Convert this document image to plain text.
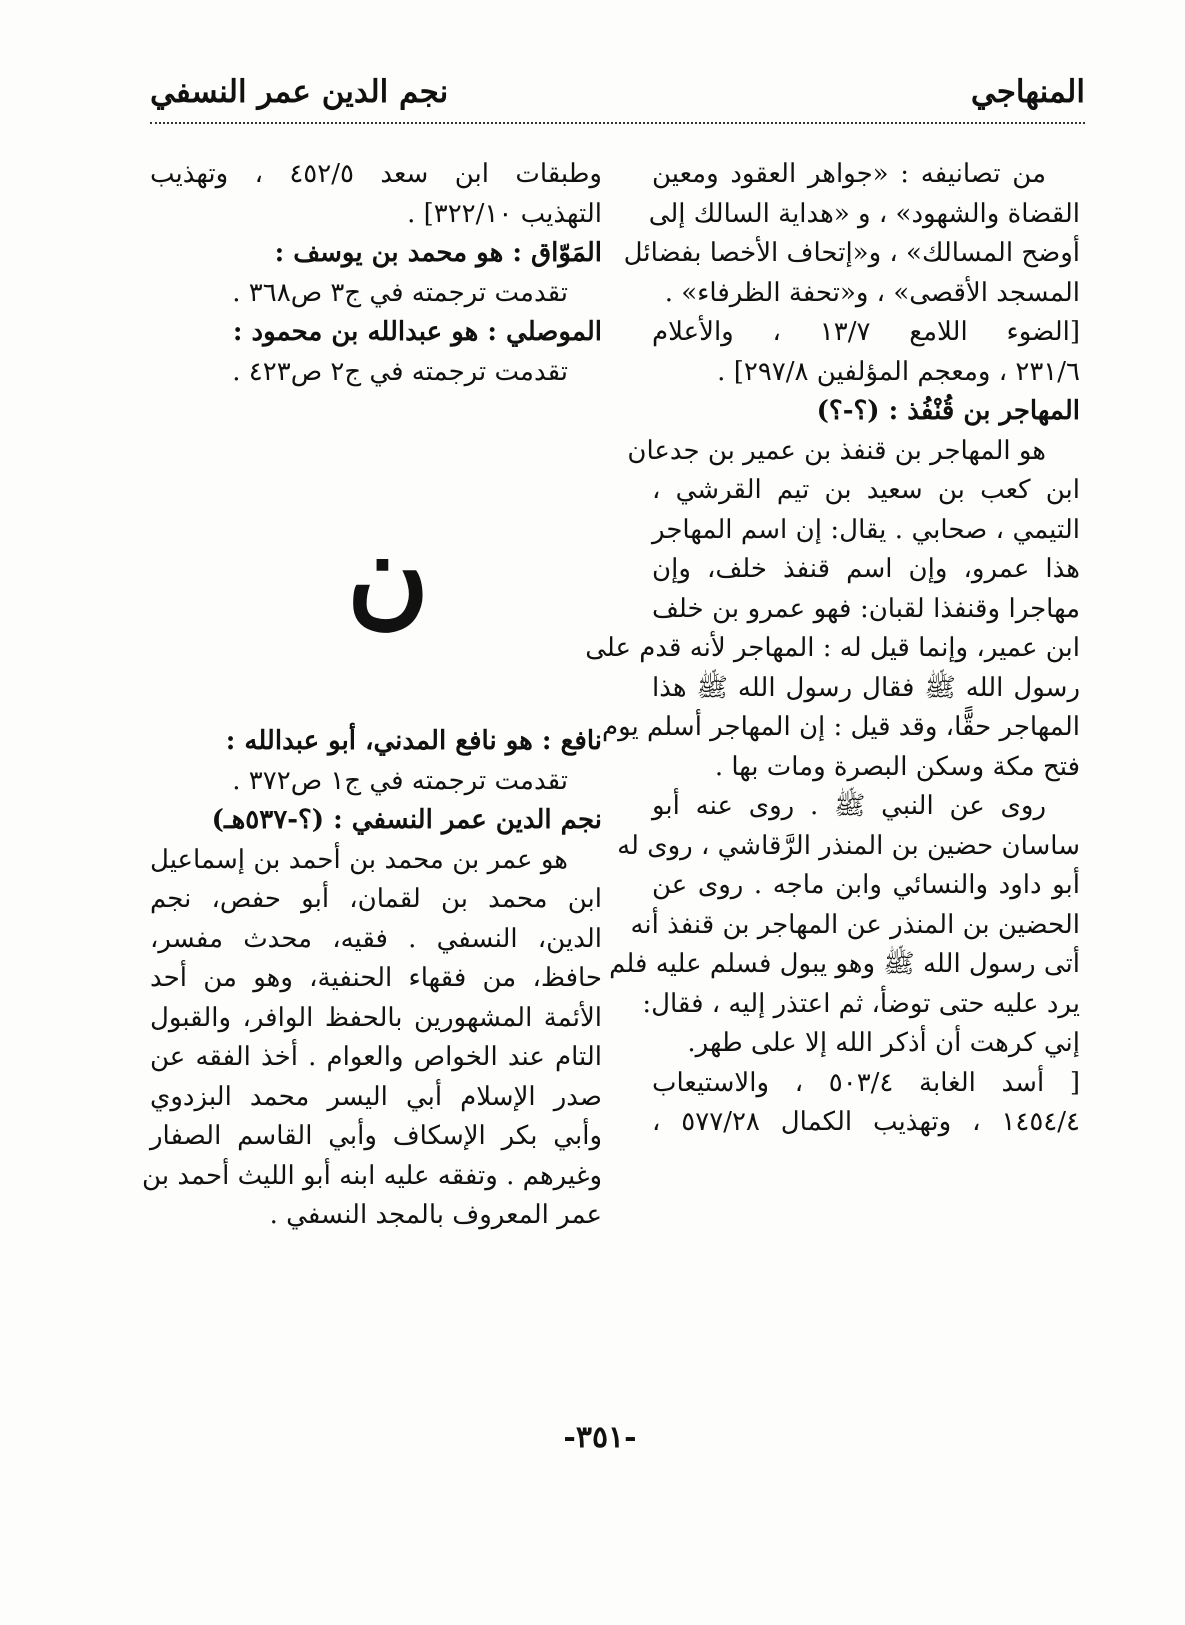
المنهاجي
نجم الدين عمر النسفي
من تصانيفه : «جواهر العقود ومعين
القضاة والشهود» ، و «هداية السالك إلى
أوضح المسالك» ، و«إتحاف الأخصا بفضائل
المسجد الأقصى» ، و«تحفة الظرفاء» .
[الضوء اللامع ١٣/٧ ، والأعلام
٢٣١/٦ ، ومعجم المؤلفين ٢٩٧/٨] .
المهاجر بن قُنْفُذ : (؟-؟)
هو المهاجر بن قنفذ بن عمير بن جدعان
ابن كعب بن سعيد بن تيم القرشي ،
التيمي ، صحابي . يقال: إن اسم المهاجر
هذا عمرو، وإن اسم قنفذ خلف، وإن
مهاجرا وقنفذا لقبان: فهو عمرو بن خلف
ابن عمير، وإنما قيل له : المهاجر لأنه قدم على
رسول الله ﷺ فقال رسول الله ﷺ هذا
المهاجر حقًّا، وقد قيل : إن المهاجر أسلم يوم
فتح مكة وسكن البصرة ومات بها .
روى عن النبي ﷺ . روى عنه أبو
ساسان حضين بن المنذر الرَّقاشي ، روى له
أبو داود والنسائي وابن ماجه . روى عن
الحضين بن المنذر عن المهاجر بن قنفذ أنه
أتى رسول الله ﷺ وهو يبول فسلم عليه فلم
يرد عليه حتى توضأ، ثم اعتذر إليه ، فقال:
إني كرهت أن أذكر الله إلا على طهر.
[ أسد الغابة ٥٠٣/٤ ، والاستيعاب
١٤٥٤/٤ ، وتهذيب الكمال ٥٧٧/٢٨ ،
وطبقات ابن سعد ٤٥٢/٥ ، وتهذيب
التهذيب ٣٢٢/١٠] .
المَوّاق : هو محمد بن يوسف :
تقدمت ترجمته في ج٣ ص٣٦٨ .
الموصلي : هو عبدالله بن محمود :
تقدمت ترجمته في ج٢ ص٤٢٣ .
ن
نافع : هو نافع المدني، أبو عبدالله :
تقدمت ترجمته في ج١ ص٣٧٢ .
نجم الدين عمر النسفي : (؟-٥٣٧هـ)
هو عمر بن محمد بن أحمد بن إسماعيل
ابن محمد بن لقمان، أبو حفص، نجم
الدين، النسفي . فقيه، محدث مفسر،
حافظ، من فقهاء الحنفية، وهو من أحد
الأئمة المشهورين بالحفظ الوافر، والقبول
التام عند الخواص والعوام . أخذ الفقه عن
صدر الإسلام أبي اليسر محمد البزدوي
وأبي بكر الإسكاف وأبي القاسم الصفار
وغيرهم . وتفقه عليه ابنه أبو الليث أحمد بن
عمر المعروف بالمجد النسفي .
-٣٥١-
